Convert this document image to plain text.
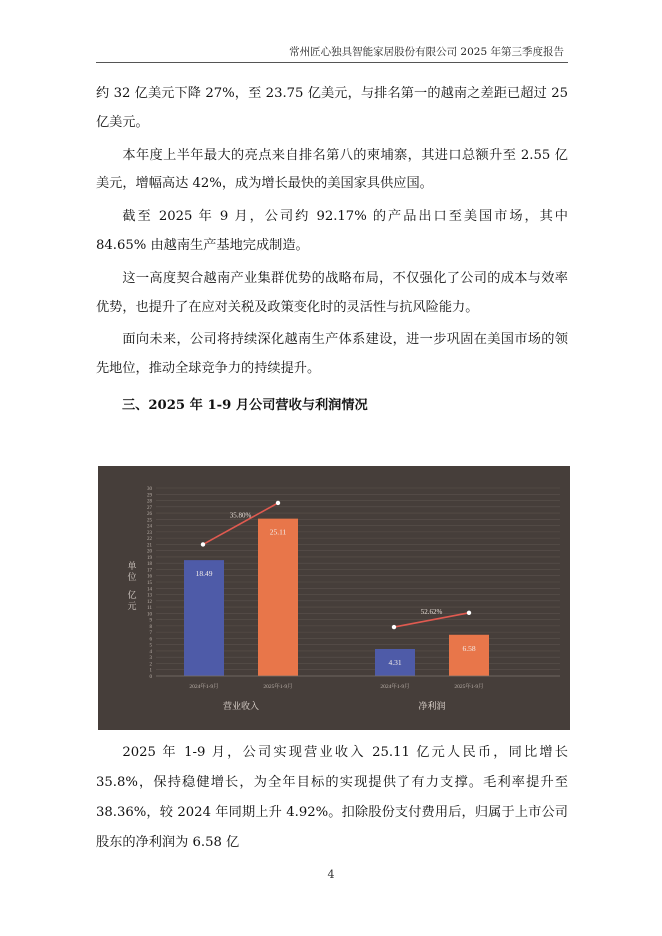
常州匠心独具智能家居股份有限公司 2025 年第三季度报告

约 32 亿美元下降 27%，至 23.75 亿美元，与排名第一的越南之差距已超过 25 亿美元。

本年度上半年最大的亮点来自排名第八的柬埔寨，其进口总额升至 2.55 亿美元，增幅高达 42%，成为增长最快的美国家具供应国。

截至 2025 年 9 月，公司约 92.17% 的产品出口至美国市场，其中 84.65% 由越南生产基地完成制造。

这一高度契合越南产业集群优势的战略布局，不仅强化了公司的成本与效率优势，也提升了在应对关税及政策变化时的灵活性与抗风险能力。

面向未来，公司将持续深化越南生产体系建设，进一步巩固在美国市场的领先地位，推动全球竞争力的持续提升。

三、2025 年 1-9 月公司营收与利润情况

0
1
2
3
4
5
6
7
8
9
10
11
12
13
14
15
16
17
18
19
20
21
22
23
24
25
26
27
28
29
30
单
位
亿
元
18.49
2024年1-9月
25.11
2025年1-9月
35.80%
营业收入
4.31
2024年1-9月
6.58
2025年1-9月
52.62%
净利润

2025 年 1-9 月，公司实现营业收入 25.11 亿元人民币，同比增长 35.8%，保持稳健增长，为全年目标的实现提供了有力支撑。毛利率提升至 38.36%，较 2024 年同期上升 4.92%。扣除股份支付费用后，归属于上市公司股东的净利润为 6.58 亿

4
